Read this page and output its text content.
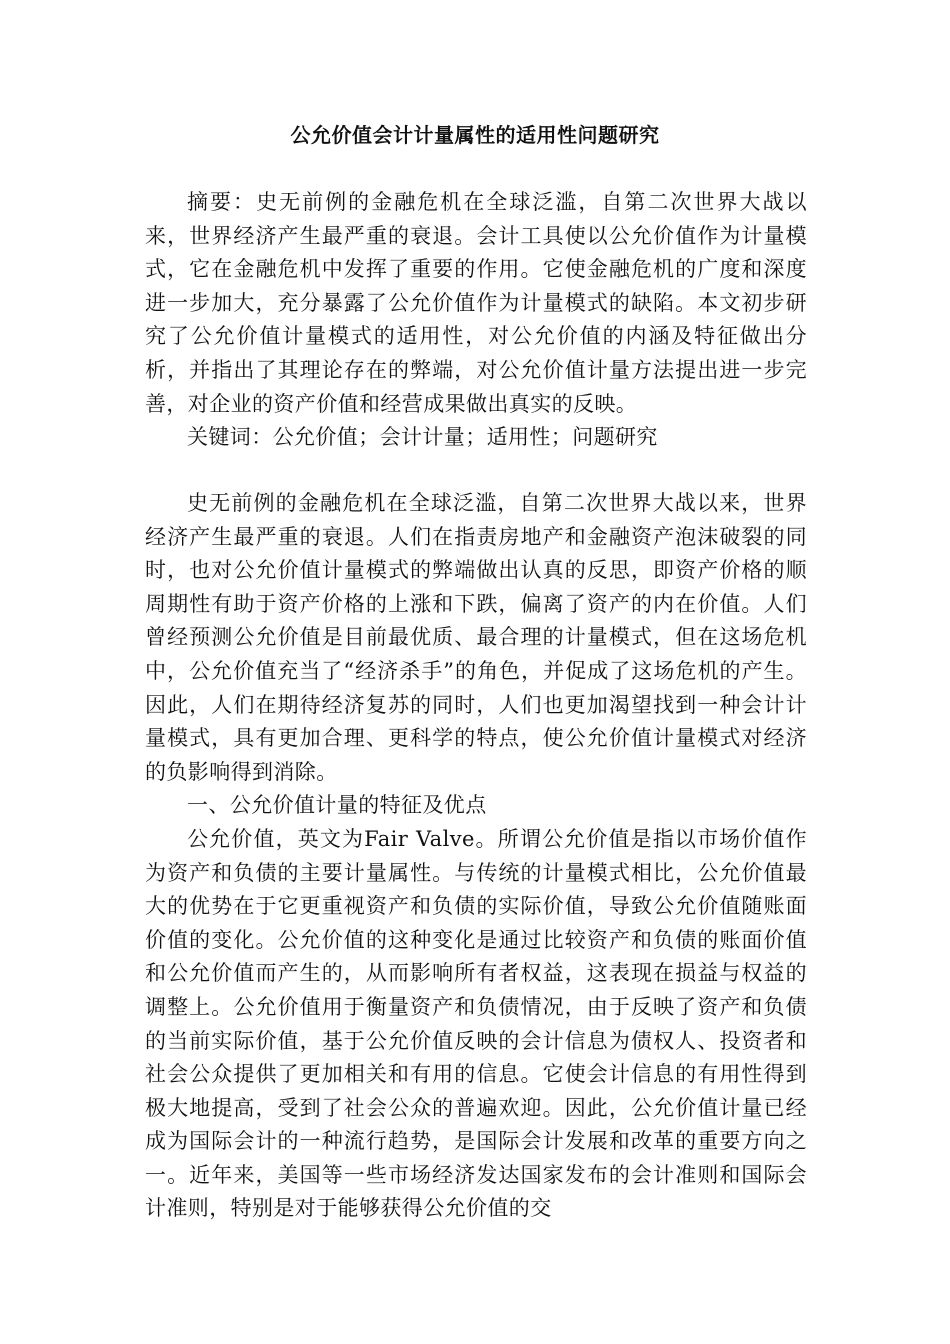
公允价值会计计量属性的适用性问题研究

摘要：史无前例的金融危机在全球泛滥，自第二次世界大战以来，世界经济产生最严重的衰退。会计工具使以公允价值作为计量模式，它在金融危机中发挥了重要的作用。它使金融危机的广度和深度进一步加大，充分暴露了公允价值作为计量模式的缺陷。本文初步研究了公允价值计量模式的适用性，对公允价值的内涵及特征做出分析，并指出了其理论存在的弊端，对公允价值计量方法提出进一步完善，对企业的资产价值和经营成果做出真实的反映。

关键词：公允价值；会计计量；适用性；问题研究

史无前例的金融危机在全球泛滥，自第二次世界大战以来，世界经济产生最严重的衰退。人们在指责房地产和金融资产泡沫破裂的同时，也对公允价值计量模式的弊端做出认真的反思，即资产价格的顺周期性有助于资产价格的上涨和下跌，偏离了资产的内在价值。人们曾经预测公允价值是目前最优质、最合理的计量模式，但在这场危机中，公允价值充当了“经济杀手”的角色，并促成了这场危机的产生。因此，人们在期待经济复苏的同时，人们也更加渴望找到一种会计计量模式，具有更加合理、更科学的特点，使公允价值计量模式对经济的负影响得到消除。

一、公允价值计量的特征及优点

公允价值，英文为Fair Valve。所谓公允价值是指以市场价值作为资产和负债的主要计量属性。与传统的计量模式相比，公允价值最大的优势在于它更重视资产和负债的实际价值，导致公允价值随账面价值的变化。公允价值的这种变化是通过比较资产和负债的账面价值和公允价值而产生的，从而影响所有者权益，这表现在损益与权益的调整上。公允价值用于衡量资产和负债情况，由于反映了资产和负债的当前实际价值，基于公允价值反映的会计信息为债权人、投资者和社会公众提供了更加相关和有用的信息。它使会计信息的有用性得到极大地提高，受到了社会公众的普遍欢迎。因此，公允价值计量已经成为国际会计的一种流行趋势，是国际会计发展和改革的重要方向之一。近年来，美国等一些市场经济发达国家发布的会计准则和国际会计准则，特别是对于能够获得公允价值的交
